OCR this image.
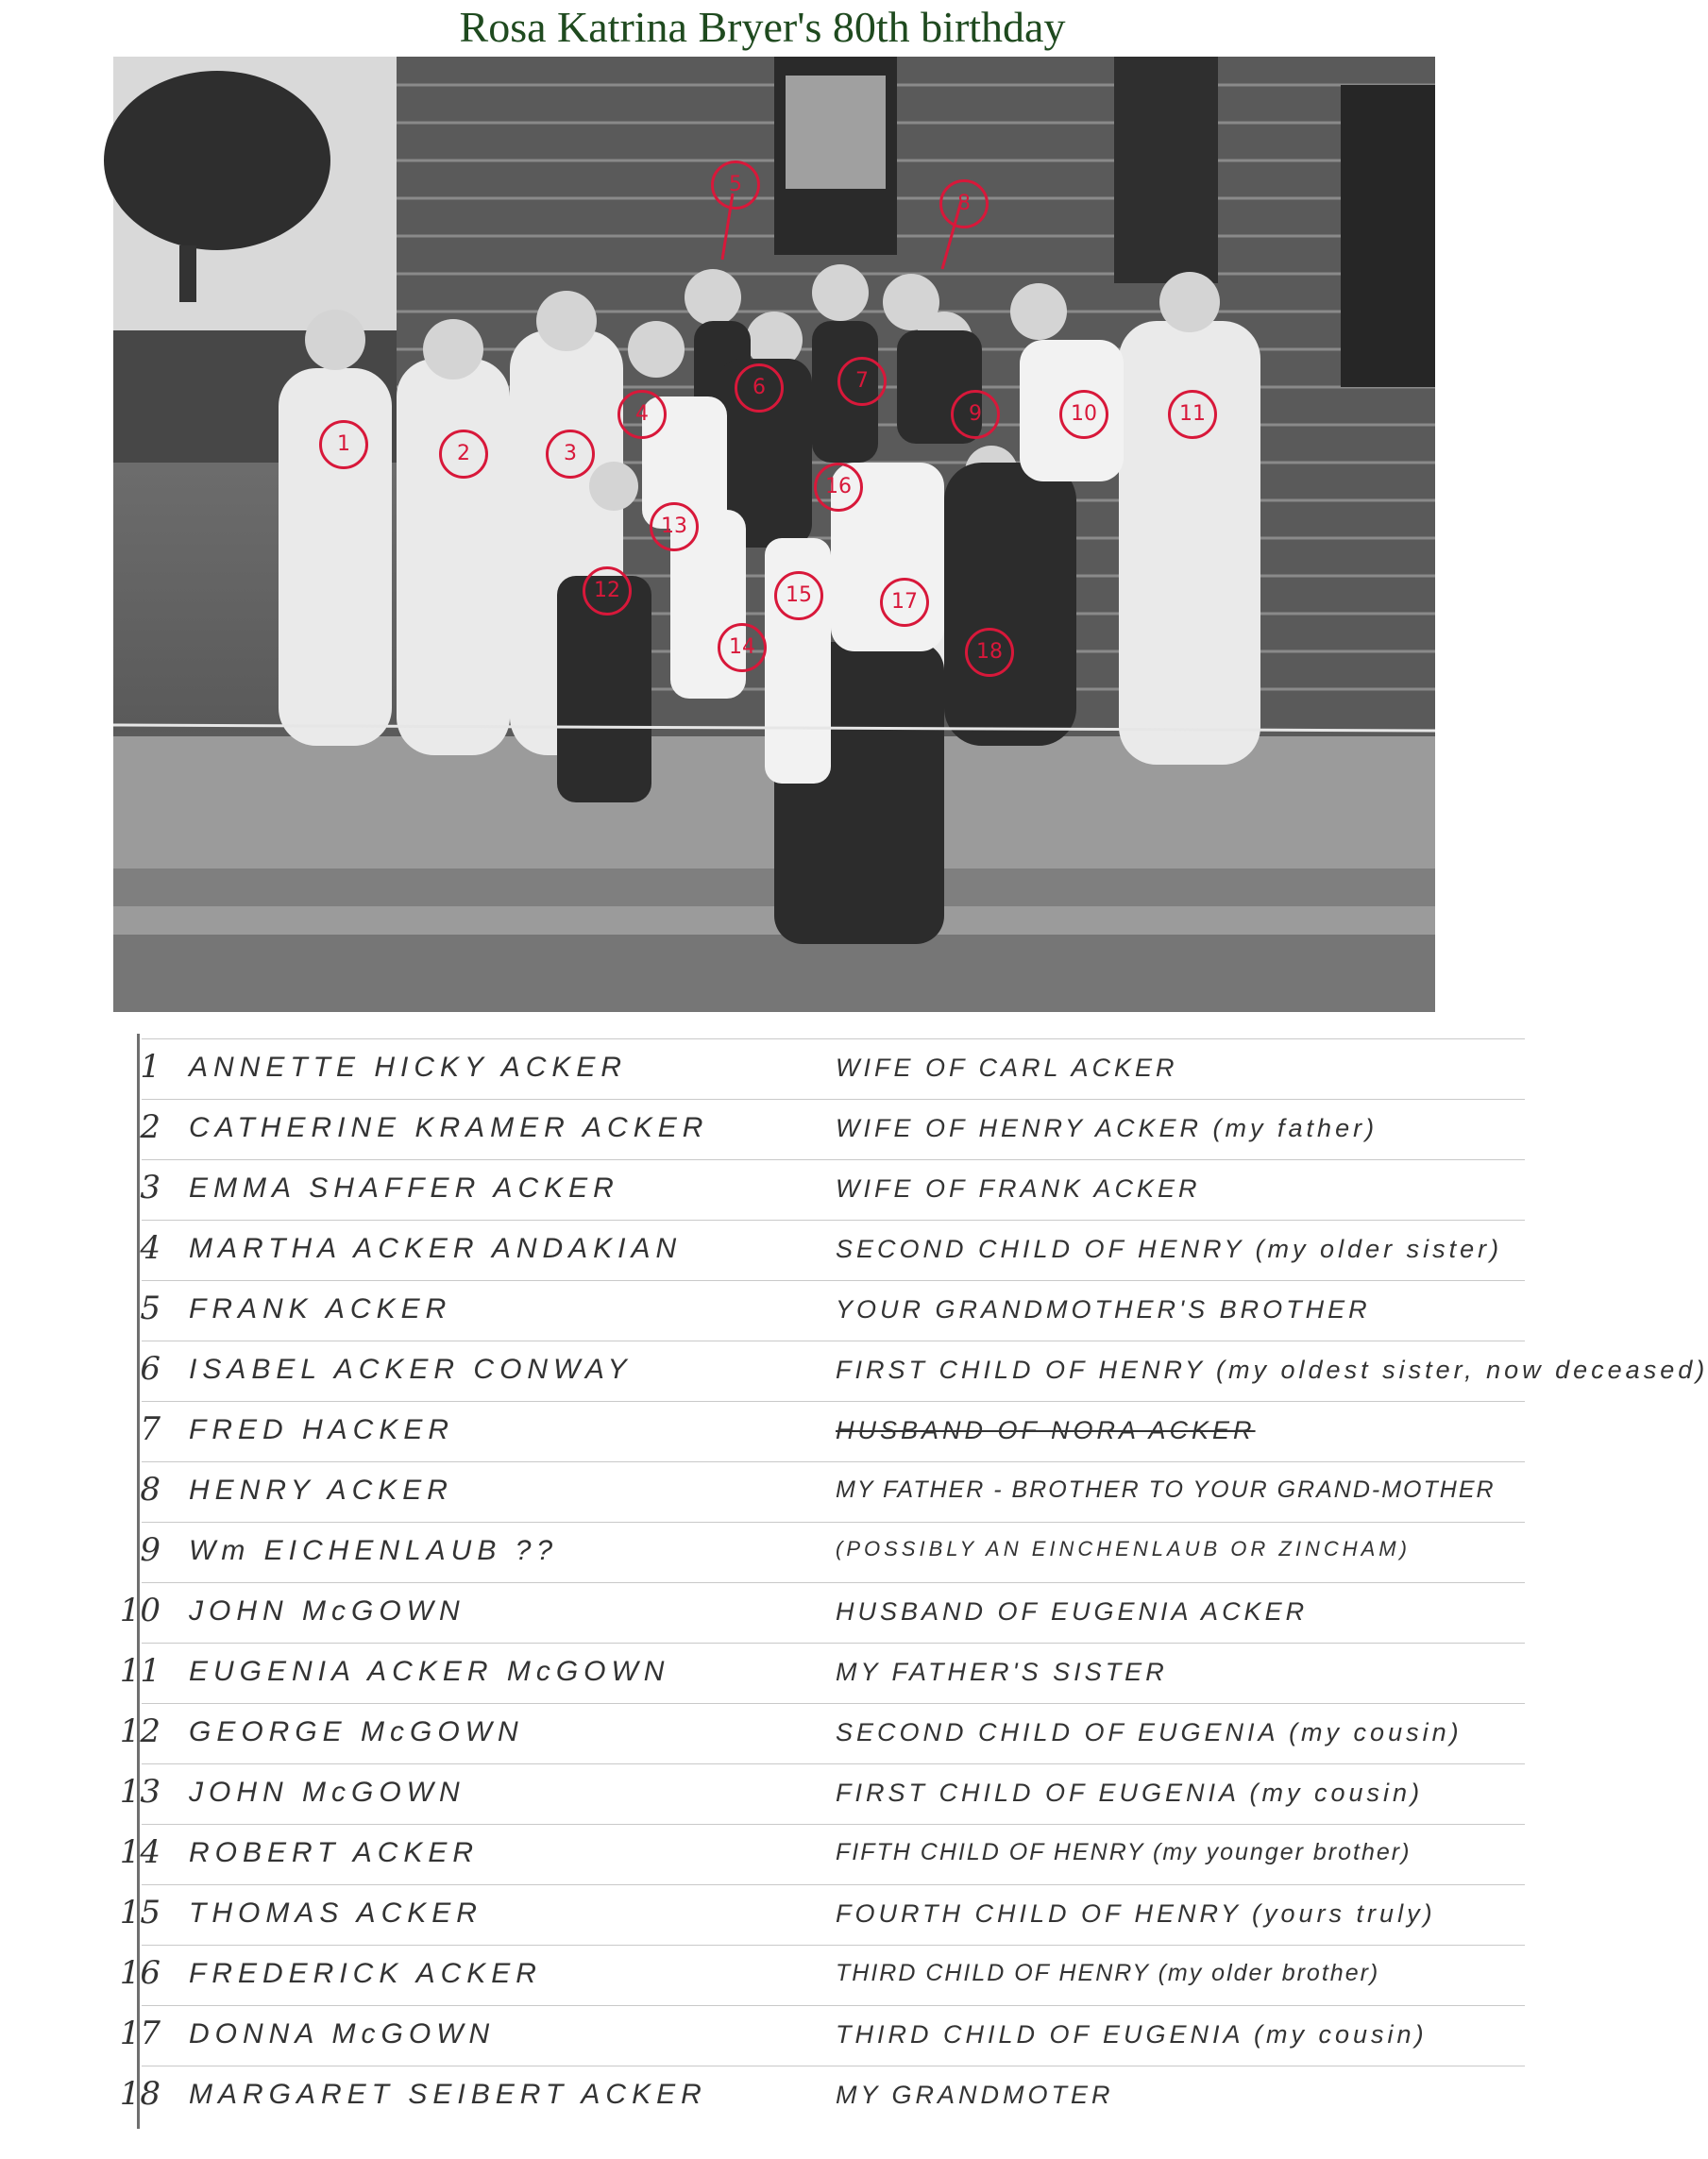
Rosa Katrina Bryer's 80th birthday
1	2	3
4
5
6	7
8
9	10	11
12
13
14
15
16
17
18
1 ANNETTE HICKY ACKER	WIFE OF CARL ACKER
2 CATHERINE KRAMER ACKER	WIFE OF HENRY ACKER (my father)
3 EMMA SHAFFER ACKER	WIFE OF FRANK ACKER
4 MARTHA ACKER ANDAKIAN	SECOND CHILD OF HENRY (my older sister)
5 FRANK ACKER	YOUR GRANDMOTHER'S BROTHER
6 ISABEL ACKER CONWAY	FIRST CHILD OF HENRY (my oldest sister, now deceased)
7 FRED HACKER	HUSBAND OF NORA ACKER
8 HENRY ACKER	MY FATHER - BROTHER TO YOUR GRAND-MOTHER
9 Wm EICHENLAUB ??	(POSSIBLY AN EINCHENLAUB OR ZINCHAM)
10 JOHN McGOWN	HUSBAND OF EUGENIA ACKER
11 EUGENIA ACKER McGOWN	MY FATHER'S SISTER
12 GEORGE McGOWN	SECOND CHILD OF EUGENIA (my cousin)
13 JOHN McGOWN	FIRST CHILD OF EUGENIA (my cousin)
14 ROBERT ACKER	FIFTH CHILD OF HENRY (my younger brother)
15 THOMAS ACKER	FOURTH CHILD OF HENRY (yours truly)
16 FREDERICK ACKER	THIRD CHILD OF HENRY (my older brother)
17 DONNA McGOWN	THIRD CHILD OF EUGENIA (my cousin)
18 MARGARET SEIBERT ACKER	MY GRANDMOTER
